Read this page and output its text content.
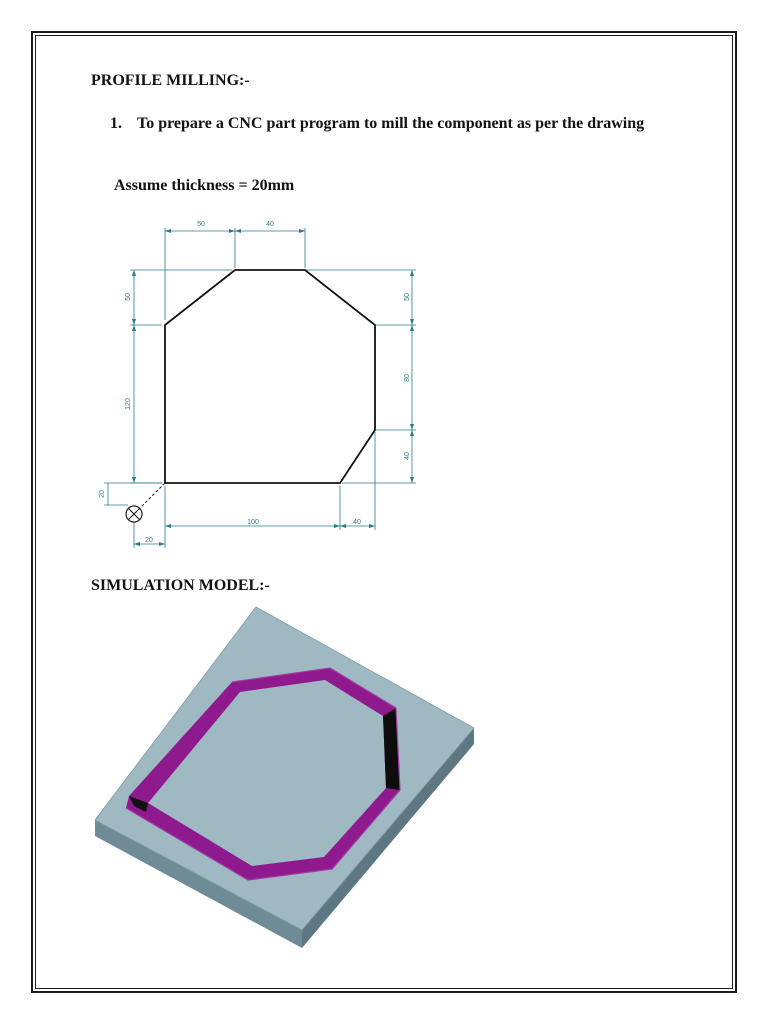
PROFILE MILLING:-
1. To prepare a CNC part program to mill the component as per the drawing
Assume thickness = 20mm
50	40
50
120
20
50
80
40
100	40
20
SIMULATION MODEL:-
